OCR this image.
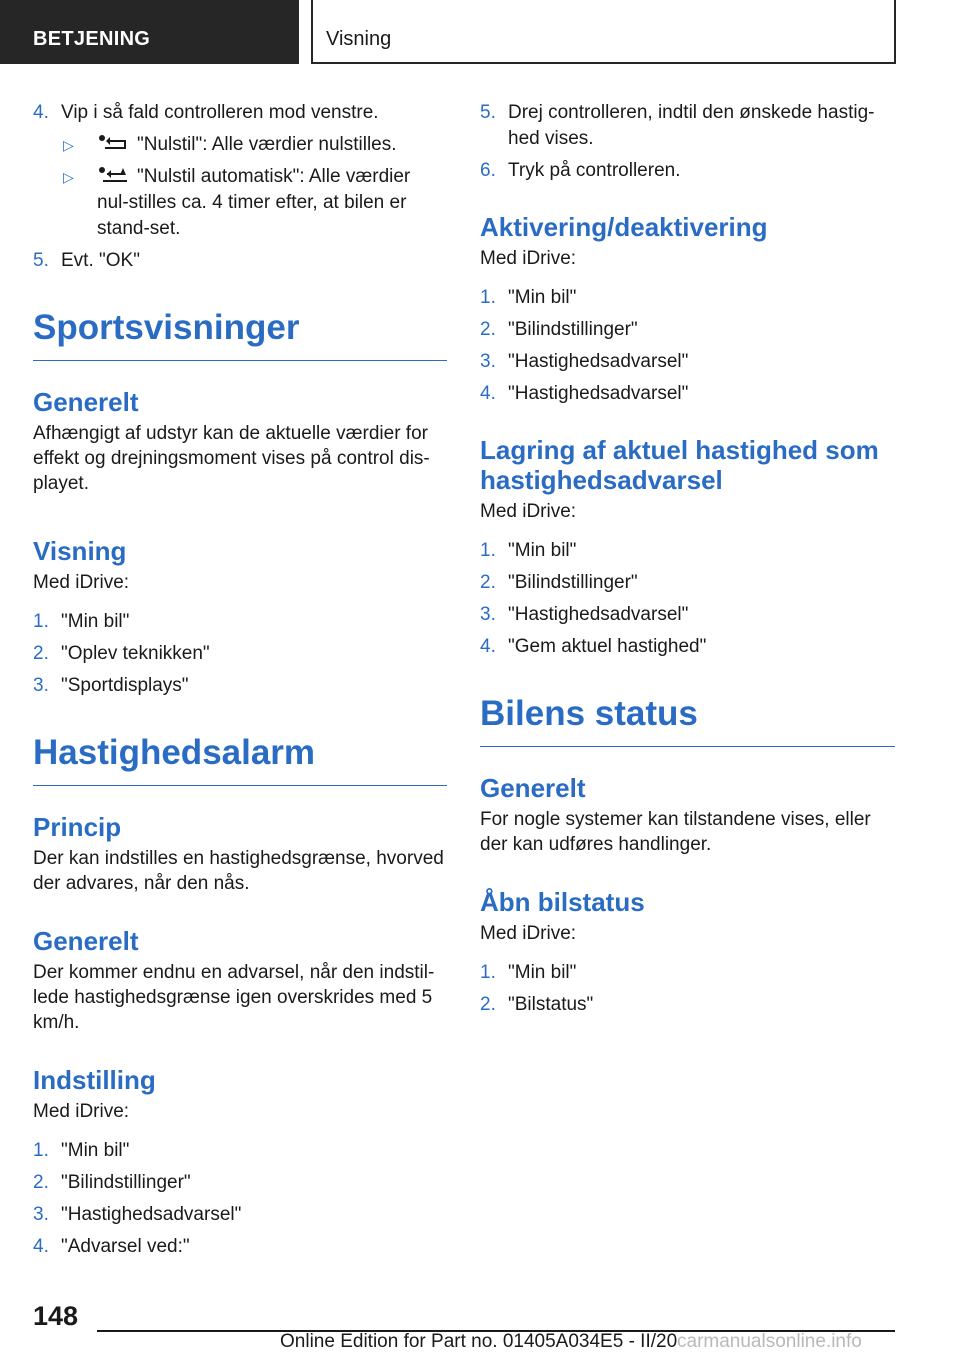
BETJENING	Visning
4. Vip i så fald controlleren mod venstre.
▷	"Nulstil": Alle værdier nulstilles.
▷	"Nulstil automatisk": Alle værdier nul-stilles ca. 4 timer efter, at bilen er stand-set.
5. Evt. "OK"
Sportsvisninger
Generelt
Afhængigt af udstyr kan de aktuelle værdier for effekt og drejningsmoment vises på control dis-playet.
Visning
Med iDrive:
1. "Min bil"
2. "Oplev teknikken"
3. "Sportdisplays"
Hastighedsalarm
Princip
Der kan indstilles en hastighedsgrænse, hvorved der advares, når den nås.
Generelt
Der kommer endnu en advarsel, når den indstil-lede hastighedsgrænse igen overskrides med 5 km/h.
Indstilling
Med iDrive:
1. "Min bil"
2. "Bilindstillinger"
3. "Hastighedsadvarsel"
4. "Advarsel ved:"
5. Drej controlleren, indtil den ønskede hastig-hed vises.
6. Tryk på controlleren.
Aktivering/deaktivering
Med iDrive:
1. "Min bil"
2. "Bilindstillinger"
3. "Hastighedsadvarsel"
4. "Hastighedsadvarsel"
Lagring af aktuel hastighed som hastighedsadvarsel
Med iDrive:
1. "Min bil"
2. "Bilindstillinger"
3. "Hastighedsadvarsel"
4. "Gem aktuel hastighed"
Bilens status
Generelt
For nogle systemer kan tilstandene vises, eller der kan udføres handlinger.
Åbn bilstatus
Med iDrive:
1. "Min bil"
2. "Bilstatus"
148
Online Edition for Part no. 01405A034E5 - II/20 carmanualsonline.info
